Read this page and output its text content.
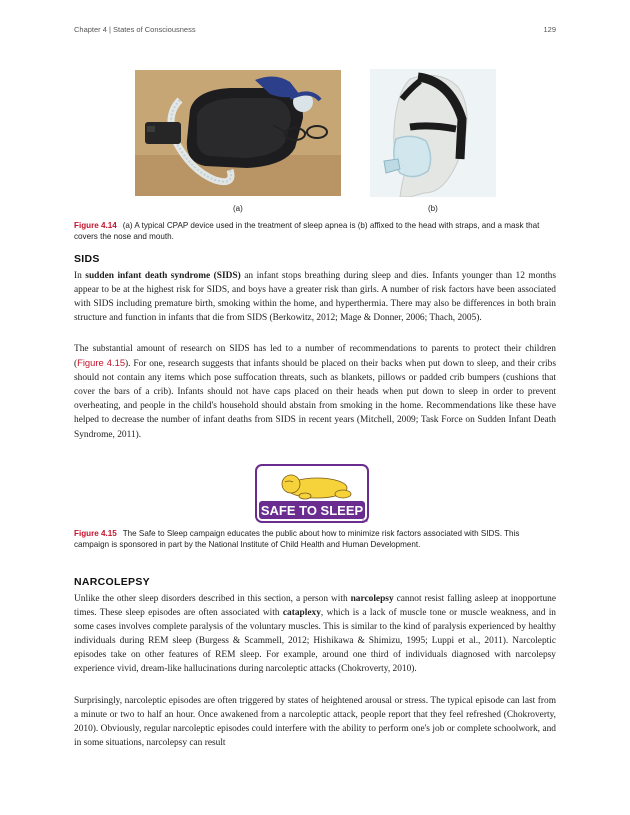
Chapter 4 | States of Consciousness	129
(a)	(b)
Figure 4.14 (a) A typical CPAP device used in the treatment of sleep apnea is (b) affixed to the head with straps, and a mask that covers the nose and mouth.
SIDS
In sudden infant death syndrome (SIDS) an infant stops breathing during sleep and dies. Infants younger than 12 months appear to be at the highest risk for SIDS, and boys have a greater risk than girls. A number of risk factors have been associated with SIDS including premature birth, smoking within the home, and hyperthermia. There may also be differences in both brain structure and function in infants that die from SIDS (Berkowitz, 2012; Mage & Donner, 2006; Thach, 2005).
The substantial amount of research on SIDS has led to a number of recommendations to parents to protect their children (Figure 4.15). For one, research suggests that infants should be placed on their backs when put down to sleep, and their cribs should not contain any items which pose suffocation threats, such as blankets, pillows or padded crib bumpers (cushions that cover the bars of a crib). Infants should not have caps placed on their heads when put down to sleep in order to prevent overheating, and people in the child's household should abstain from smoking in the home. Recommendations like these have helped to decrease the number of infant deaths from SIDS in recent years (Mitchell, 2009; Task Force on Sudden Infant Death Syndrome, 2011).
SAFE TO SLEEP
SM
Figure 4.15 The Safe to Sleep campaign educates the public about how to minimize risk factors associated with SIDS. This campaign is sponsored in part by the National Institute of Child Health and Human Development.
NARCOLEPSY
Unlike the other sleep disorders described in this section, a person with narcolepsy cannot resist falling asleep at inopportune times. These sleep episodes are often associated with cataplexy, which is a lack of muscle tone or muscle weakness, and in some cases involves complete paralysis of the voluntary muscles. This is similar to the kind of paralysis experienced by healthy individuals during REM sleep (Burgess & Scammell, 2012; Hishikawa & Shimizu, 1995; Luppi et al., 2011). Narcoleptic episodes take on other features of REM sleep. For example, around one third of individuals diagnosed with narcolepsy experience vivid, dream-like hallucinations during narcoleptic attacks (Chokroverty, 2010).
Surprisingly, narcoleptic episodes are often triggered by states of heightened arousal or stress. The typical episode can last from a minute or two to half an hour. Once awakened from a narcoleptic attack, people report that they feel refreshed (Chokroverty, 2010). Obviously, regular narcoleptic episodes could interfere with the ability to perform one's job or complete schoolwork, and in some situations, narcolepsy can result
